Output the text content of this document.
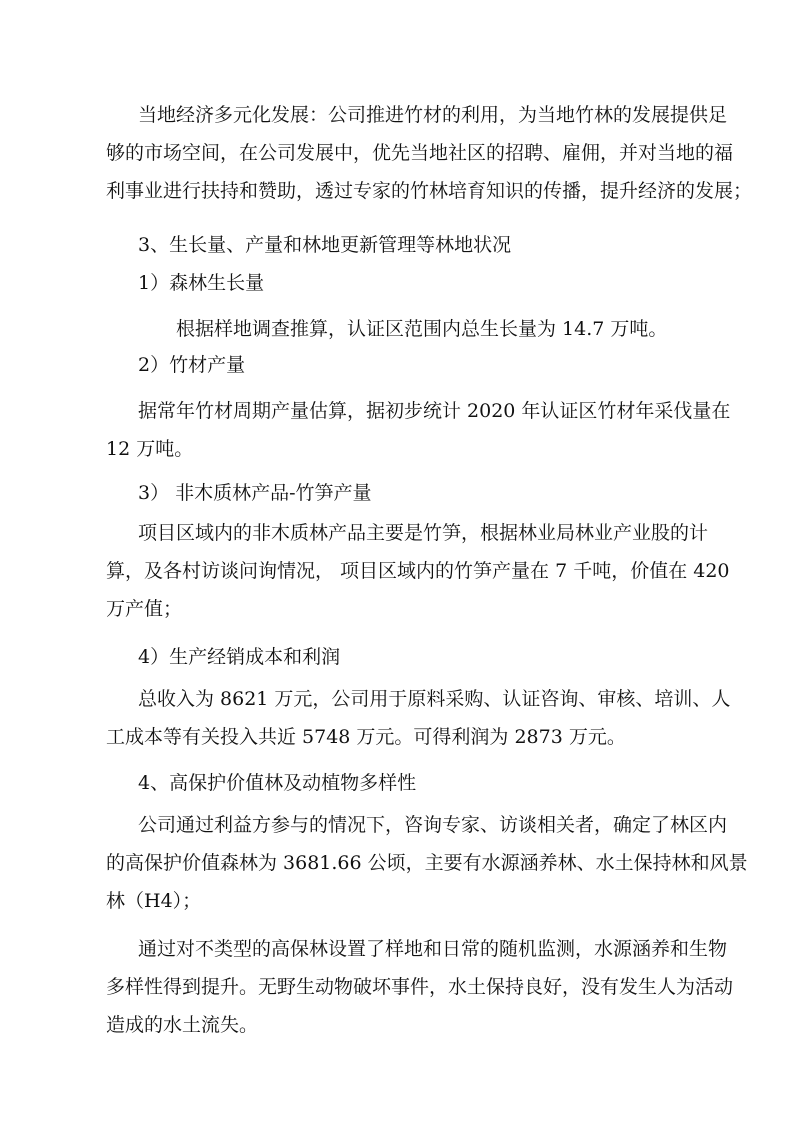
当地经济多元化发展：公司推进竹材的利用，为当地竹林的发展提供足
够的市场空间，在公司发展中，优先当地社区的招聘、雇佣，并对当地的福
利事业进行扶持和赞助，透过专家的竹林培育知识的传播，提升经济的发展；
3、生长量、产量和林地更新管理等林地状况
1）森林生长量
根据样地调查推算，认证区范围内总生长量为 14.7 万吨。
2）竹材产量
据常年竹材周期产量估算，据初步统计 2020 年认证区竹材年采伐量在
12 万吨。
3） 非木质林产品-竹笋产量
项目区域内的非木质林产品主要是竹笋，根据林业局林业产业股的计
算，及各村访谈问询情况， 项目区域内的竹笋产量在 7 千吨，价值在 420
万产值；
4）生产经销成本和利润
总收入为 8621 万元，公司用于原料采购、认证咨询、审核、培训、人
工成本等有关投入共近 5748 万元。可得利润为 2873 万元。
4、高保护价值林及动植物多样性
公司通过利益方参与的情况下，咨询专家、访谈相关者，确定了林区内
的高保护价值森林为 3681.66 公顷，主要有水源涵养林、水土保持林和风景
林（H4）；
通过对不类型的高保林设置了样地和日常的随机监测，水源涵养和生物
多样性得到提升。无野生动物破坏事件，水土保持良好，没有发生人为活动
造成的水土流失。
